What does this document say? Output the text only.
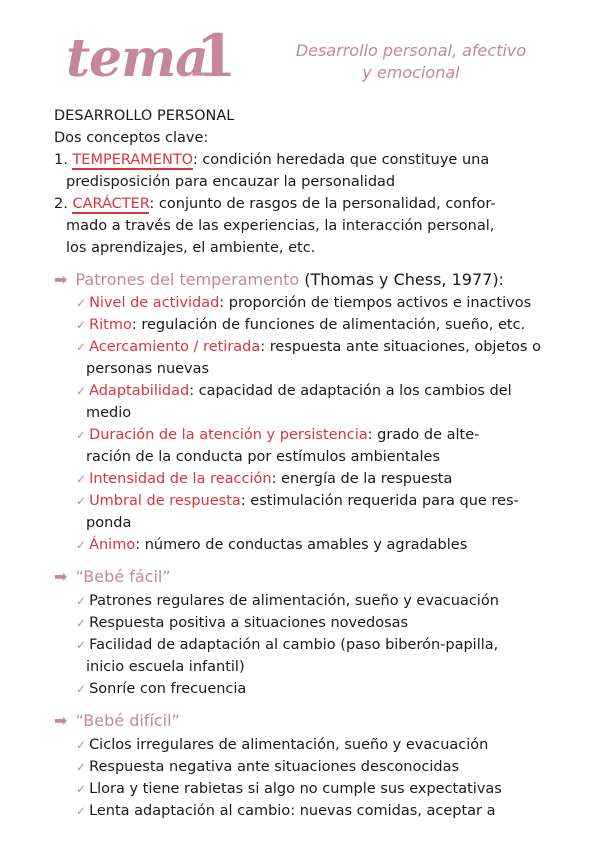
tema
1	Desarrollo personal, afectivo
y emocional
DESARROLLO PERSONAL
Dos conceptos clave:
1. TEMPERAMENTO: condición heredada que constituye una
predisposición para encauzar la personalidad
2. CARÁCTER: conjunto de rasgos de la personalidad, confor-
mado a través de las experiencias, la interacción personal,
los aprendizajes, el ambiente, etc.
➡ Patrones del temperamento (Thomas y Chess, 1977):
✓ Nivel de actividad: proporción de tiempos activos e inactivos
✓ Ritmo: regulación de funciones de alimentación, sueño, etc.
✓ Acercamiento / retirada: respuesta ante situaciones, objetos o
personas nuevas
✓ Adaptabilidad: capacidad de adaptación a los cambios del
medio
✓ Duración de la atención y persistencia: grado de alte-
ración de la conducta por estímulos ambientales
✓ Intensidad de la reacción: energía de la respuesta
✓ Umbral de respuesta: estimulación requerida para que res-
ponda
✓ Ánimo: número de conductas amables y agradables
➡ “Bebé fácil”
✓ Patrones regulares de alimentación, sueño y evacuación
✓ Respuesta positiva a situaciones novedosas
✓ Facilidad de adaptación al cambio (paso biberón-papilla,
inicio escuela infantil)
✓ Sonríe con frecuencia
➡ “Bebé difícil”
✓ Ciclos irregulares de alimentación, sueño y evacuación
✓ Respuesta negativa ante situaciones desconocidas
✓ Llora y tiene rabietas si algo no cumple sus expectativas
✓ Lenta adaptación al cambio: nuevas comidas, aceptar a
